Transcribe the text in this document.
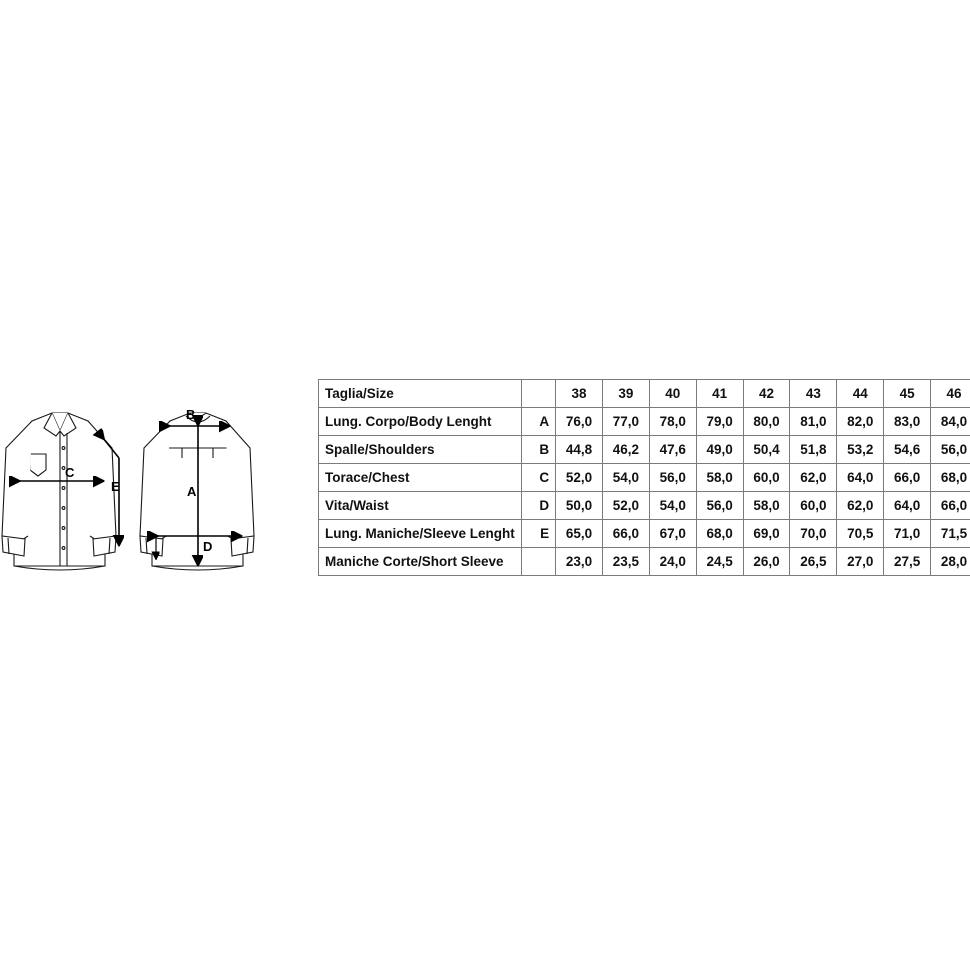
C
E
B
A
D
Taglia/Size		38	39	40	41	42	43	44	45	46
Lung. Corpo/Body Lenght	A	76,0	77,0	78,0	79,0	80,0	81,0	82,0	83,0	84,0
Spalle/Shoulders	B	44,8	46,2	47,6	49,0	50,4	51,8	53,2	54,6	56,0
Torace/Chest	C	52,0	54,0	56,0	58,0	60,0	62,0	64,0	66,0	68,0
Vita/Waist	D	50,0	52,0	54,0	56,0	58,0	60,0	62,0	64,0	66,0
Lung. Maniche/Sleeve Lenght	E	65,0	66,0	67,0	68,0	69,0	70,0	70,5	71,0	71,5
Maniche Corte/Short Sleeve		23,0	23,5	24,0	24,5	26,0	26,5	27,0	27,5	28,0
